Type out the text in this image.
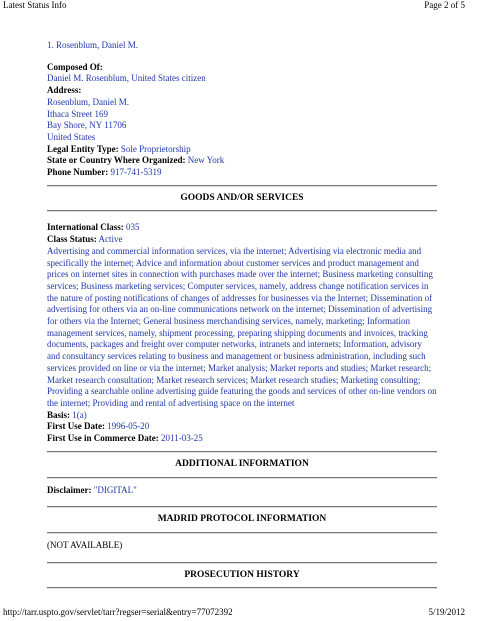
Latest Status Info	Page 2 of 5
1. Rosenblum, Daniel M.
Composed Of:
Daniel M. Rosenblum, United States citizen
Address:
Rosenblum, Daniel M.
Ithaca Street 169
Bay Shore, NY 11706
United States
Legal Entity Type: Sole Proprietorship
State or Country Where Organized: New York
Phone Number: 917-741-5319
GOODS AND/OR SERVICES
International Class: 035
Class Status: Active
Advertising and commercial information services, via the internet; Advertising via electronic media and specifically the internet; Advice and information about customer services and product management and prices on internet sites in connection with purchases made over the internet; Business marketing consulting services; Business marketing services; Computer services, namely, address change notification services in the nature of posting notifications of changes of addresses for businesses via the Internet; Dissemination of advertising for others via an on-line communications network on the internet; Dissemination of advertising for others via the Internet; General business merchandising services, namely, marketing; Information management services, namely, shipment processing, preparing shipping documents and invoices, tracking documents, packages and freight over computer networks, intranets and internets; Information, advisory and consultancy services relating to business and management or business administration, including such services provided on line or via the internet; Market analysis; Market reports and studies; Market research; Market research consultation; Market research services; Market research studies; Marketing consulting; Providing a searchable online advertising guide featuring the goods and services of other on-line vendors on the internet; Providing and rental of advertising space on the internet
Basis: 1(a)
First Use Date: 1996-05-20
First Use in Commerce Date: 2011-03-25
ADDITIONAL INFORMATION
Disclaimer: "DIGITAL"
MADRID PROTOCOL INFORMATION
(NOT AVAILABLE)
PROSECUTION HISTORY
http://tarr.uspto.gov/servlet/tarr?regser=serial&entry=77072392	5/19/2012
